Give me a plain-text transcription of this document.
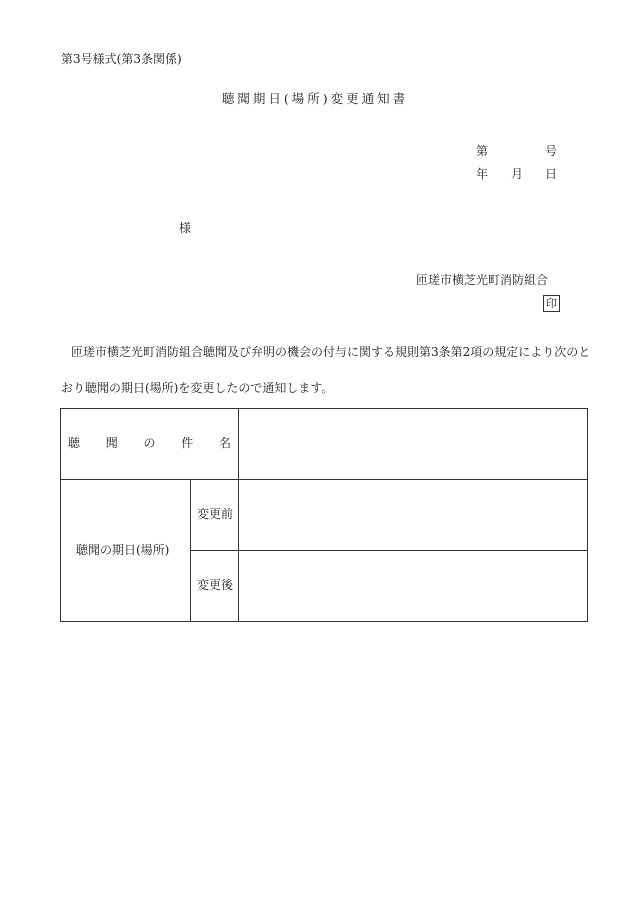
第3号様式(第3条関係)
聴聞期日(場所)変更通知書
第	号
年 月 日
様
匝瑳市横芝光町消防組合
印
匝瑳市横芝光町消防組合聴聞及び弁明の機会の付与に関する規則第3条第2項の規定により次のと
おり聴聞の期日(場所)を変更したので通知します。
聴 聞 の 件 名
聴聞の期日(場所)
変更前
変更後
